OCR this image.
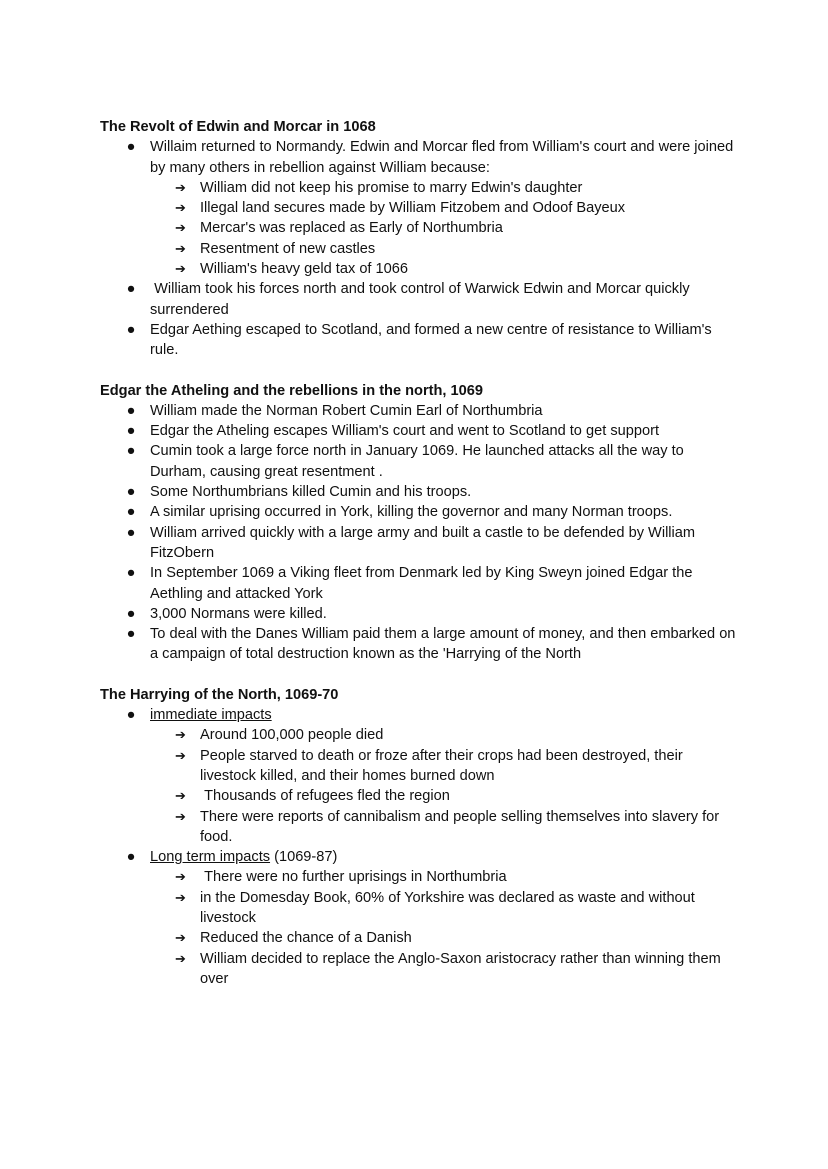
The Revolt of Edwin and Morcar in 1068
● Willaim returned to Normandy. Edwin and Morcar fled from William's court and were joined by many others in rebellion against William because:
➔ William did not keep his promise to marry Edwin's daughter
➔ Illegal land secures made by William Fitzobem and Odoof Bayeux
➔ Mercar's was replaced as Early of Northumbria
➔ Resentment of new castles
➔ William's heavy geld tax of 1066
● William took his forces north and took control of Warwick Edwin and Morcar quickly surrendered
● Edgar Aething escaped to Scotland, and formed a new centre of resistance to William's rule.
Edgar the Atheling and the rebellions in the north, 1069
● William made the Norman Robert Cumin Earl of Northumbria
● Edgar the Atheling escapes William's court and went to Scotland to get support
● Cumin took a large force north in January 1069. He launched attacks all the way to Durham, causing great resentment .
● Some Northumbrians killed Cumin and his troops.
● A similar uprising occurred in York, killing the governor and many Norman troops.
● William arrived quickly with a large army and built a castle to be defended by William FitzObern
● In September 1069 a Viking fleet from Denmark led by King Sweyn joined Edgar the Aethling and attacked York
● 3,000 Normans were killed.
● To deal with the Danes William paid them a large amount of money, and then embarked on a campaign of total destruction known as the 'Harrying of the North
The Harrying of the North, 1069-70
● immediate impacts
➔ Around 100,000 people died
➔ People starved to death or froze after their crops had been destroyed, their livestock killed, and their homes burned down
➔ Thousands of refugees fled the region
➔ There were reports of cannibalism and people selling themselves into slavery for food.
● Long term impacts (1069-87)
➔ There were no further uprisings in Northumbria
➔ in the Domesday Book, 60% of Yorkshire was declared as waste and without livestock
➔ Reduced the chance of a Danish
➔ William decided to replace the Anglo-Saxon aristocracy rather than winning them over
